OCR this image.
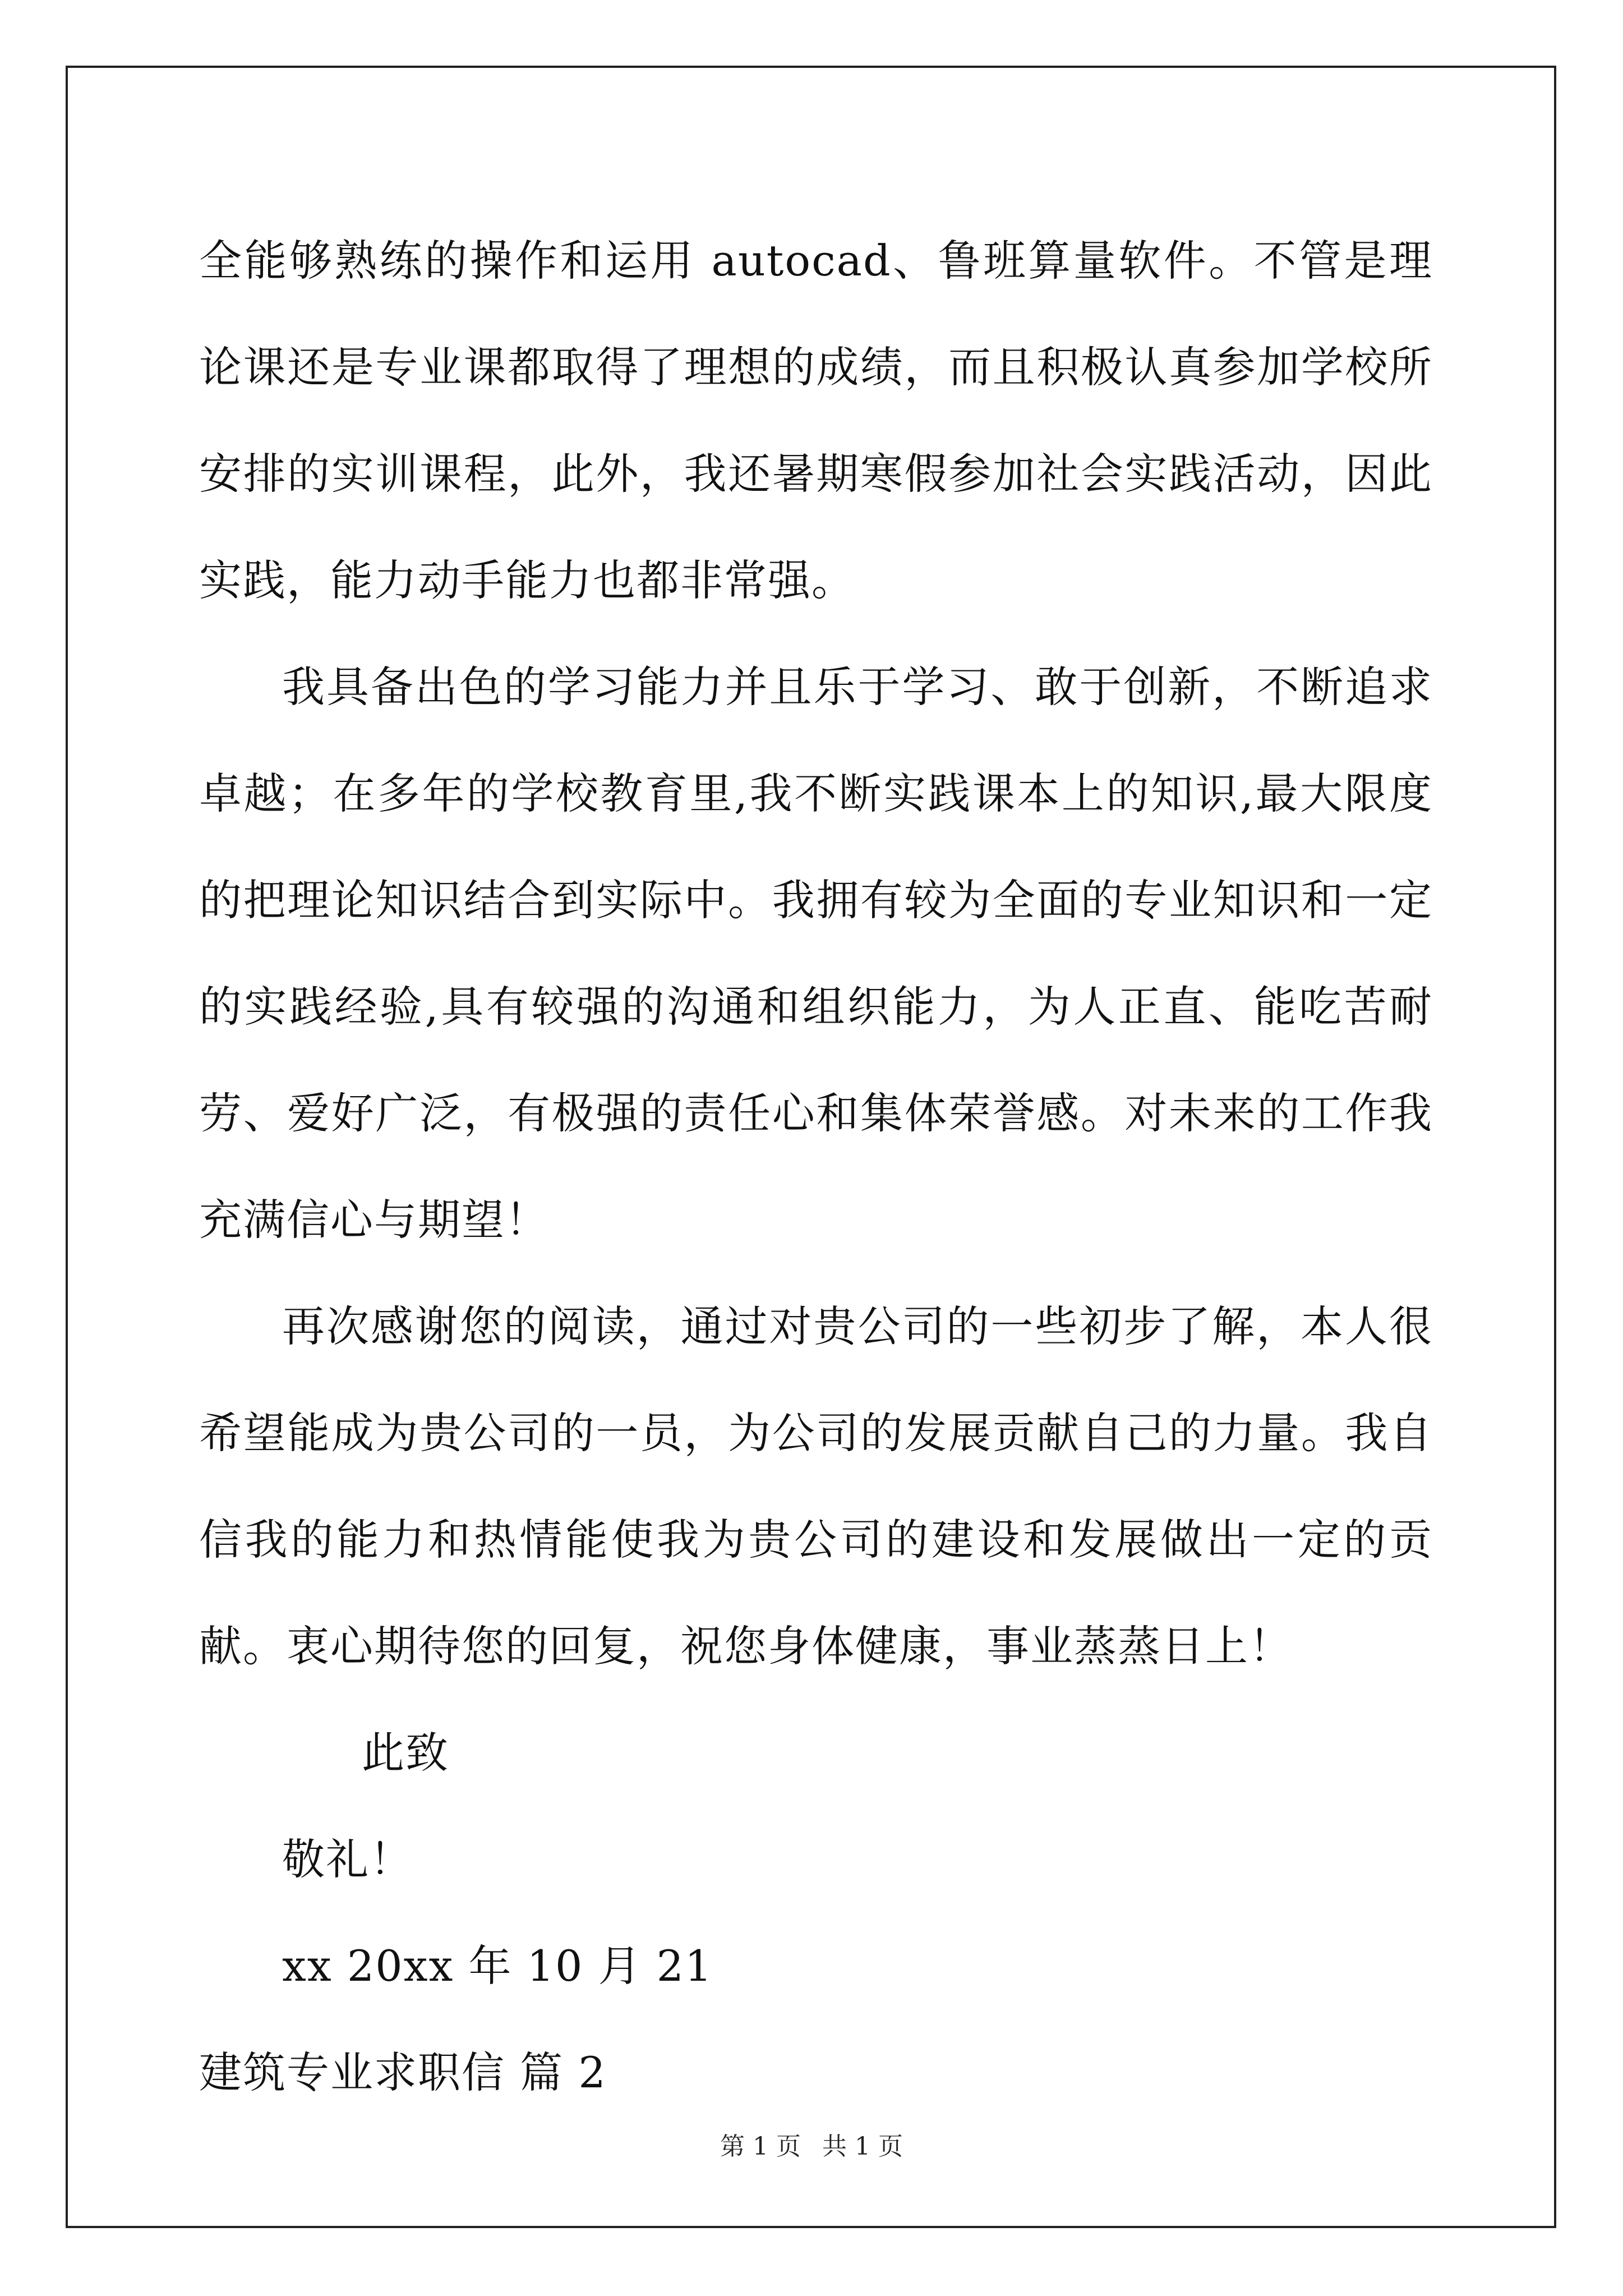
全能够熟练的操作和运用 autocad、鲁班算量软件。不管是理论课还是专业课都取得了理想的成绩，而且积极认真参加学校所安排的实训课程，此外，我还暑期寒假参加社会实践活动，因此实践，能力动手能力也都非常强。

我具备出色的学习能力并且乐于学习、敢于创新，不断追求卓越；在多年的学校教育里,我不断实践课本上的知识,最大限度的把理论知识结合到实际中。我拥有较为全面的专业知识和一定的实践经验,具有较强的沟通和组织能力，为人正直、能吃苦耐劳、爱好广泛，有极强的责任心和集体荣誉感。对未来的工作我充满信心与期望！

再次感谢您的阅读，通过对贵公司的一些初步了解，本人很希望能成为贵公司的一员，为公司的发展贡献自己的力量。我自信我的能力和热情能使我为贵公司的建设和发展做出一定的贡献。衷心期待您的回复，祝您身体健康，事业蒸蒸日上！

此致

敬礼！

xx 20xx 年 10 月 21

建筑专业求职信 篇 2

第 1 页 共 1 页
